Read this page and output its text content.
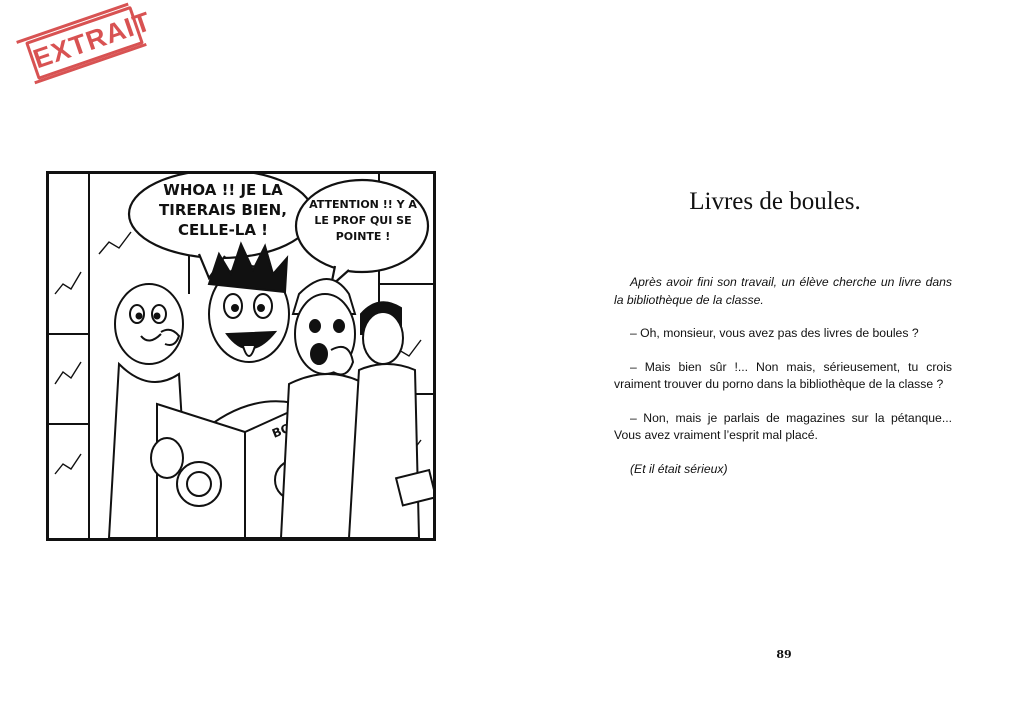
EXTRAIT
WHOA !! JE LA TIRERAIS BIEN, CELLE-LA !
ATTENTION !! Y A LE PROF QUI SE POINTE !
Livres de boules.

Après avoir fini son travail, un élève cherche un livre dans la bibliothèque de la classe.

– Oh, monsieur, vous avez pas des livres de boules ?

– Mais bien sûr !... Non mais, sérieusement, tu crois vraiment trouver du porno dans la bibliothèque de la classe ?

– Non, mais je parlais de magazines sur la pétanque... Vous avez vraiment l’esprit mal placé.

(Et il était sérieux)

89
